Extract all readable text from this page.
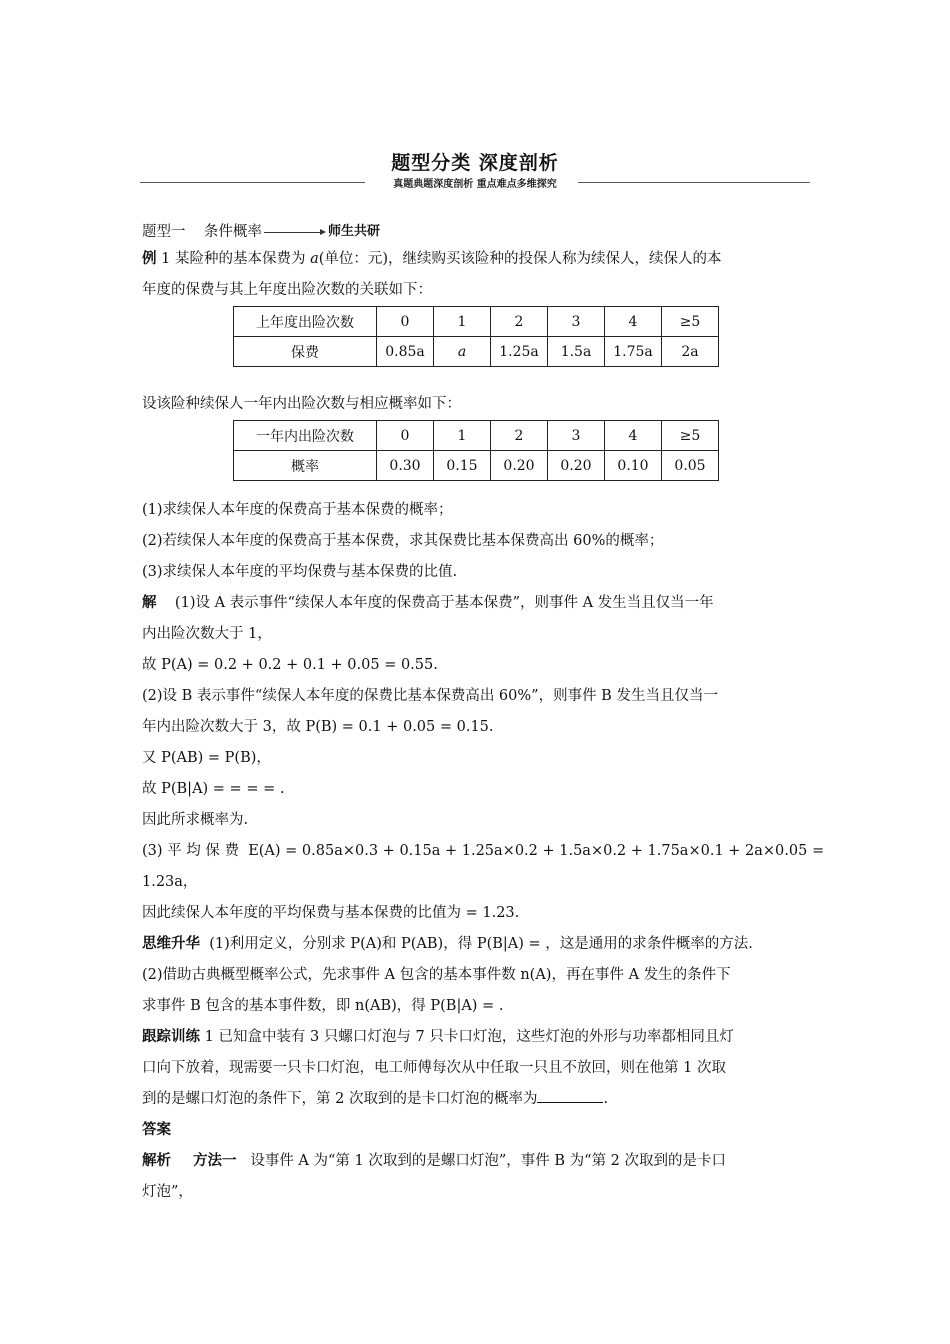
题型分类 深度剖析
真题典题深度剖析 重点难点多维探究
题型一    条件概率	师生共研
例 1 某险种的基本保费为 a(单位：元)，继续购买该险种的投保人称为续保人，续保人的本
年度的保费与其上年度出险次数的关联如下：
上年度出险次数	0	1	2	3	4	≥5
保费	0.85a	a	1.25a	1.5a	1.75a	2a
设该险种续保人一年内出险次数与相应概率如下：
一年内出险次数	0	1	2	3	4	≥5
概率	0.30	0.15	0.20	0.20	0.10	0.05
(1)求续保人本年度的保费高于基本保费的概率；
(2)若续保人本年度的保费高于基本保费，求其保费比基本保费高出 60%的概率；
(3)求续保人本年度的平均保费与基本保费的比值.
解    (1)设 A 表示事件“续保人本年度的保费高于基本保费”，则事件 A 发生当且仅当一年
内出险次数大于 1，
故 P(A) = 0.2 + 0.2 + 0.1 + 0.05 = 0.55.
(2)设 B 表示事件“续保人本年度的保费比基本保费高出 60%”，则事件 B 发生当且仅当一
年内出险次数大于 3，故 P(B) = 0.1 + 0.05 = 0.15.
又 P(AB) = P(B)，
故 P(B|A) = = = = .
因此所求概率为.
(3) 平 均 保 费  E(A) = 0.85a×0.3 + 0.15a + 1.25a×0.2 + 1.5a×0.2 + 1.75a×0.1 + 2a×0.05 =
1.23a，
因此续保人本年度的平均保费与基本保费的比值为 = 1.23.
思维升华  (1)利用定义，分别求 P(A)和 P(AB)，得 P(B|A) = ，这是通用的求条件概率的方法.
(2)借助古典概型概率公式，先求事件 A 包含的基本事件数 n(A)，再在事件 A 发生的条件下
求事件 B 包含的基本事件数，即 n(AB)，得 P(B|A) = .
跟踪训练 1 已知盒中装有 3 只螺口灯泡与 7 只卡口灯泡，这些灯泡的外形与功率都相同且灯
口向下放着，现需要一只卡口灯泡，电工师傅每次从中任取一只且不放回，则在他第 1 次取
到的是螺口灯泡的条件下，第 2 次取到的是卡口灯泡的概率为	.
答案
解析 方法一   设事件 A 为“第 1 次取到的是螺口灯泡”，事件 B 为“第 2 次取到的是卡口
灯泡”，
